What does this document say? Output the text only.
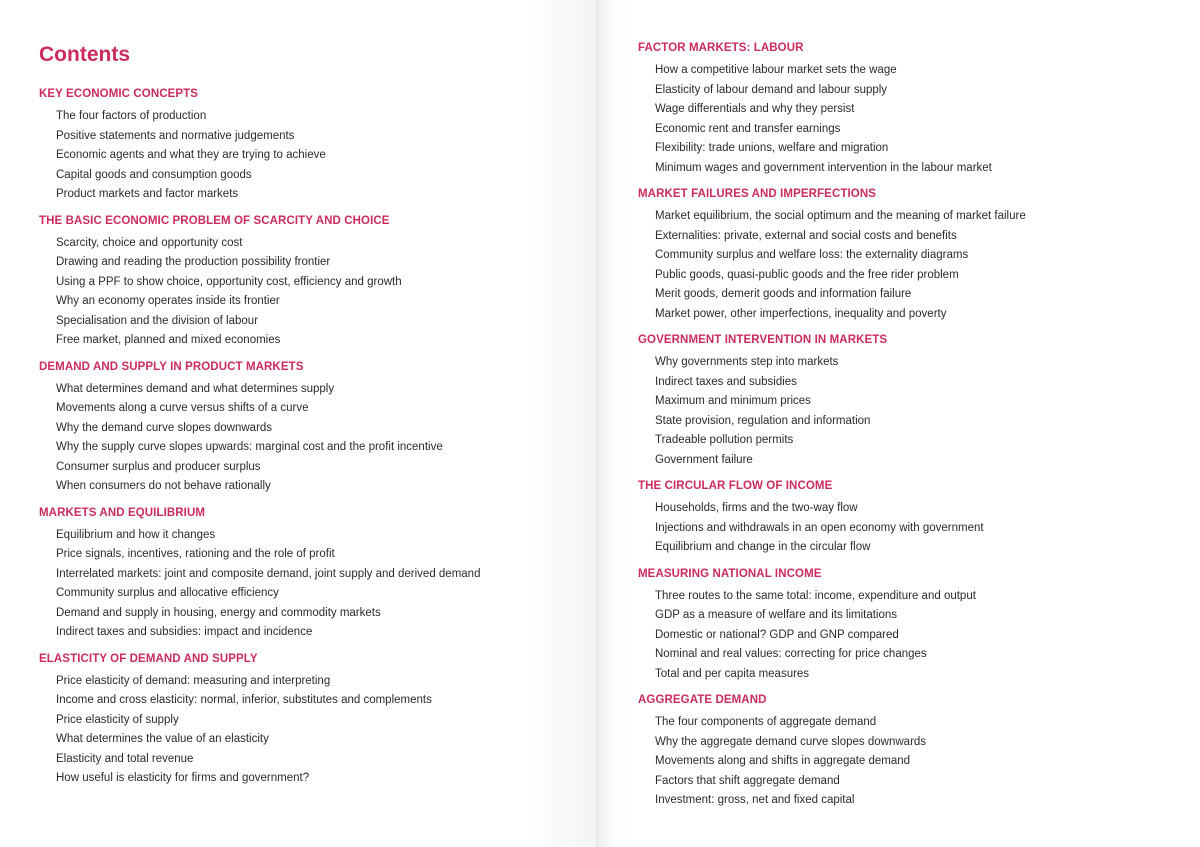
Contents
KEY ECONOMIC CONCEPTS
The four factors of production
Positive statements and normative judgements
Economic agents and what they are trying to achieve
Capital goods and consumption goods
Product markets and factor markets
THE BASIC ECONOMIC PROBLEM OF SCARCITY AND CHOICE
Scarcity, choice and opportunity cost
Drawing and reading the production possibility frontier
Using a PPF to show choice, opportunity cost, efficiency and growth
Why an economy operates inside its frontier
Specialisation and the division of labour
Free market, planned and mixed economies
DEMAND AND SUPPLY IN PRODUCT MARKETS
What determines demand and what determines supply
Movements along a curve versus shifts of a curve
Why the demand curve slopes downwards
Why the supply curve slopes upwards: marginal cost and the profit incentive
Consumer surplus and producer surplus
When consumers do not behave rationally
MARKETS AND EQUILIBRIUM
Equilibrium and how it changes
Price signals, incentives, rationing and the role of profit
Interrelated markets: joint and composite demand, joint supply and derived demand
Community surplus and allocative efficiency
Demand and supply in housing, energy and commodity markets
Indirect taxes and subsidies: impact and incidence
ELASTICITY OF DEMAND AND SUPPLY
Price elasticity of demand: measuring and interpreting
Income and cross elasticity: normal, inferior, substitutes and complements
Price elasticity of supply
What determines the value of an elasticity
Elasticity and total revenue
How useful is elasticity for firms and government?
FACTOR MARKETS: LABOUR
How a competitive labour market sets the wage
Elasticity of labour demand and labour supply
Wage differentials and why they persist
Economic rent and transfer earnings
Flexibility: trade unions, welfare and migration
Minimum wages and government intervention in the labour market
MARKET FAILURES AND IMPERFECTIONS
Market equilibrium, the social optimum and the meaning of market failure
Externalities: private, external and social costs and benefits
Community surplus and welfare loss: the externality diagrams
Public goods, quasi-public goods and the free rider problem
Merit goods, demerit goods and information failure
Market power, other imperfections, inequality and poverty
GOVERNMENT INTERVENTION IN MARKETS
Why governments step into markets
Indirect taxes and subsidies
Maximum and minimum prices
State provision, regulation and information
Tradeable pollution permits
Government failure
THE CIRCULAR FLOW OF INCOME
Households, firms and the two-way flow
Injections and withdrawals in an open economy with government
Equilibrium and change in the circular flow
MEASURING NATIONAL INCOME
Three routes to the same total: income, expenditure and output
GDP as a measure of welfare and its limitations
Domestic or national? GDP and GNP compared
Nominal and real values: correcting for price changes
Total and per capita measures
AGGREGATE DEMAND
The four components of aggregate demand
Why the aggregate demand curve slopes downwards
Movements along and shifts in aggregate demand
Factors that shift aggregate demand
Investment: gross, net and fixed capital
